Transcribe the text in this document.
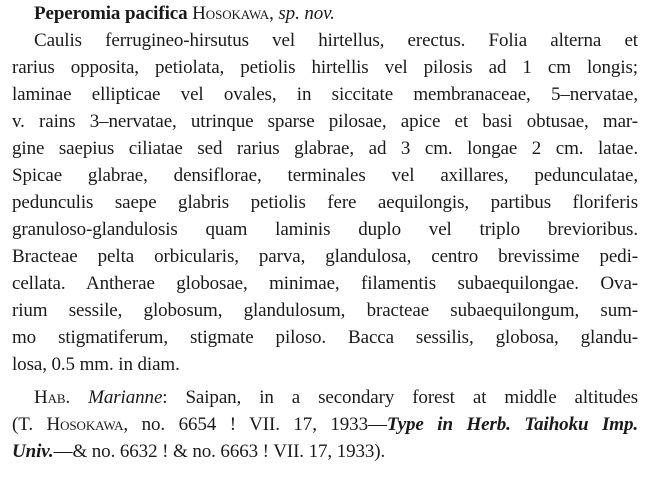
Peperomia pacifica Hosokawa, sp. nov.
Caulis ferrugineo-hirsutus vel hirtellus, erectus. Folia alterna et
rarius opposita, petiolata, petiolis hirtellis vel pilosis ad 1 cm longis;
laminae ellipticae vel ovales, in siccitate membranaceae, 5–nervatae,
v. rains 3–nervatae, utrinque sparse pilosae, apice et basi obtusae, mar-
gine saepius ciliatae sed rarius glabrae, ad 3 cm. longae 2 cm. latae.
Spicae glabrae, densiflorae, terminales vel axillares, pedunculatae,
pedunculis saepe glabris petiolis fere aequilongis, partibus floriferis
granuloso-glandulosis quam laminis duplo vel triplo brevioribus.
Bracteae pelta orbicularis, parva, glandulosa, centro brevissime pedi-
cellata. Antherae globosae, minimae, filamentis subaequilongae. Ova-
rium sessile, globosum, glandulosum, bracteae subaequilongum, sum-
mo stigmatiferum, stigmate piloso. Bacca sessilis, globosa, glandu-
losa, 0.5 mm. in diam.
Hab. Marianne: Saipan, in a secondary forest at middle altitudes
(T. Hosokawa, no. 6654 ! VII. 17, 1933—Type in Herb. Taihoku Imp.
Univ.—& no. 6632 ! & no. 6663 ! VII. 17, 1933).
